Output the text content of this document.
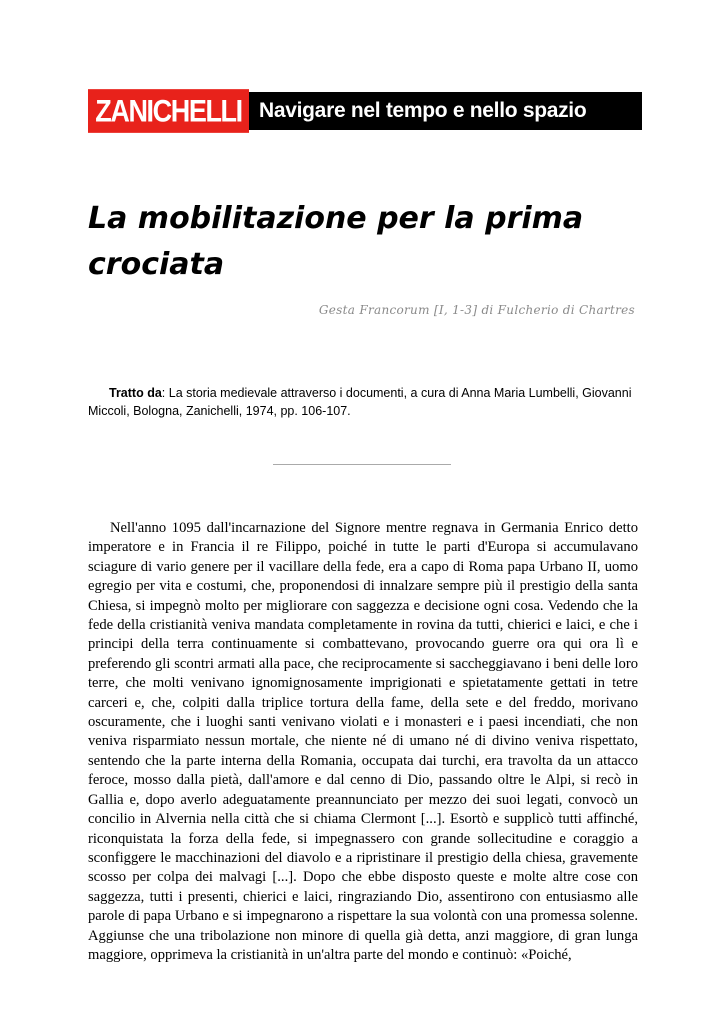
ZANICHELLI Navigare nel tempo e nello spazio
La mobilitazione per la prima crociata
Gesta Francorum [I, 1-3] di Fulcherio di Chartres

Tratto da: La storia medievale attraverso i documenti, a cura di Anna Maria Lumbelli, Giovanni Miccoli, Bologna, Zanichelli, 1974, pp. 106-107.

Nell'anno 1095 dall'incarnazione del Signore mentre regnava in Germania Enrico detto imperatore e in Francia il re Filippo, poiché in tutte le parti d'Europa si accumulavano sciagure di vario genere per il vacillare della fede, era a capo di Roma papa Urbano II, uomo egregio per vita e costumi, che, proponendosi di innalzare sempre più il prestigio della santa Chiesa, si impegnò molto per migliorare con saggezza e decisione ogni cosa. Vedendo che la fede della cristianità veniva mandata completamente in rovina da tutti, chierici e laici, e che i principi della terra continuamente si combattevano, provocando guerre ora qui ora lì e preferendo gli scontri armati alla pace, che reciprocamente si saccheggiavano i beni delle loro terre, che molti venivano ignomignosamente imprigionati e spietatamente gettati in tetre carceri e, che, colpiti dalla triplice tortura della fame, della sete e del freddo, morivano oscuramente, che i luoghi santi venivano violati e i monasteri e i paesi incendiati, che non veniva risparmiato nessun mortale, che niente né di umano né di divino veniva rispettato, sentendo che la parte interna della Romania, occupata dai turchi, era travolta da un attacco feroce, mosso dalla pietà, dall'amore e dal cenno di Dio, passando oltre le Alpi, si recò in Gallia e, dopo averlo adeguatamente preannunciato per mezzo dei suoi legati, convocò un concilio in Alvernia nella città che si chiama Clermont [...]. Esortò e supplicò tutti affinché, riconquistata la forza della fede, si impegnassero con grande sollecitudine e coraggio a sconfiggere le macchinazioni del diavolo e a ripristinare il prestigio della chiesa, gravemente scosso per colpa dei malvagi [...]. Dopo che ebbe disposto queste e molte altre cose con saggezza, tutti i presenti, chierici e laici, ringraziando Dio, assentirono con entusiasmo alle parole di papa Urbano e si impegnarono a rispettare la sua volontà con una promessa solenne. Aggiunse che una tribolazione non minore di quella già detta, anzi maggiore, di gran lunga maggiore, opprimeva la cristianità in un'altra parte del mondo e continuò: «Poiché,
